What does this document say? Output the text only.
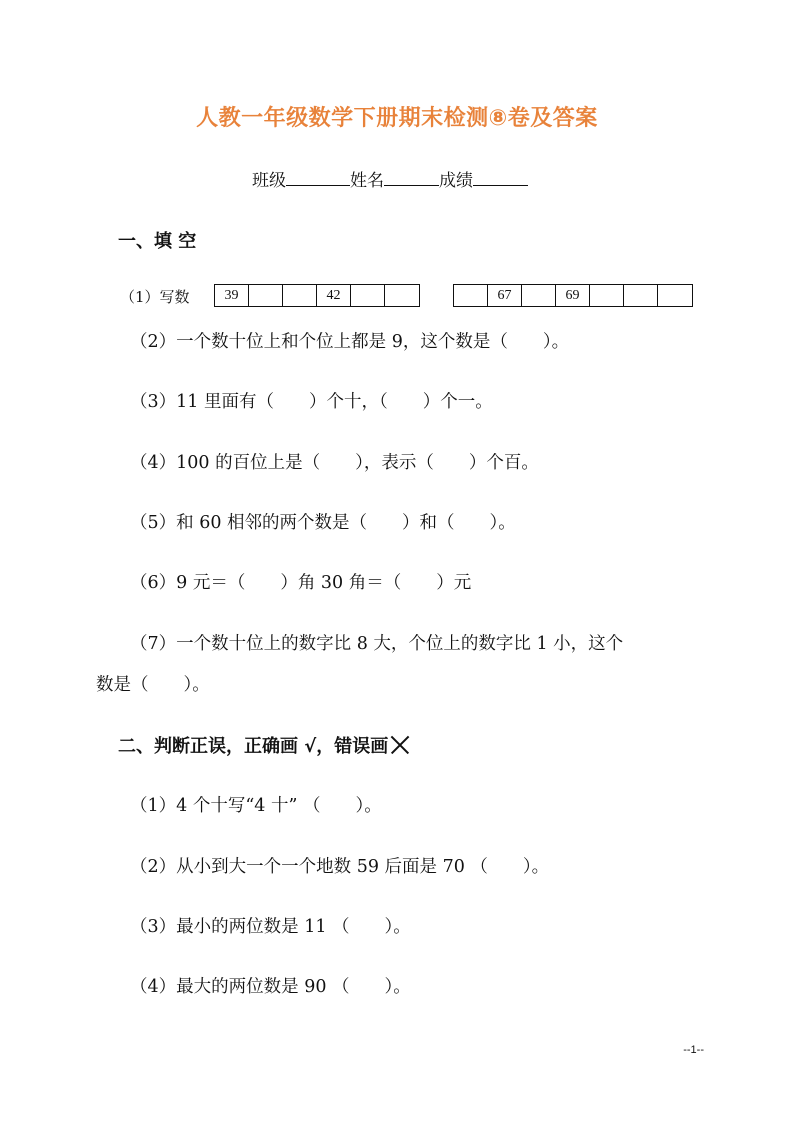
人教一年级数学下册期末检测⑧卷及答案
班级	姓名	成绩
一、填 空
（1）写数	39	42	67	69
（2）一个数十位上和个位上都是 9，这个数是（　　）。
（3）11 里面有（　　）个十，（　　）个一。
（4）100 的百位上是（　　），表示（　　）个百。
（5）和 60 相邻的两个数是（　　）和（　　）。
（6）9 元＝（　　）角 30 角＝（　　）元
（7）一个数十位上的数字比 8 大，个位上的数字比 1 小，这个
数是（　　）。
二、判断正误，正确画 √，错误画
（1）4 个十写“4 十” （　　）。
（2）从小到大一个一个地数 59 后面是 70 （　　）。
（3）最小的两位数是 11 （　　）。
（4）最大的两位数是 90 （　　）。
--1--
